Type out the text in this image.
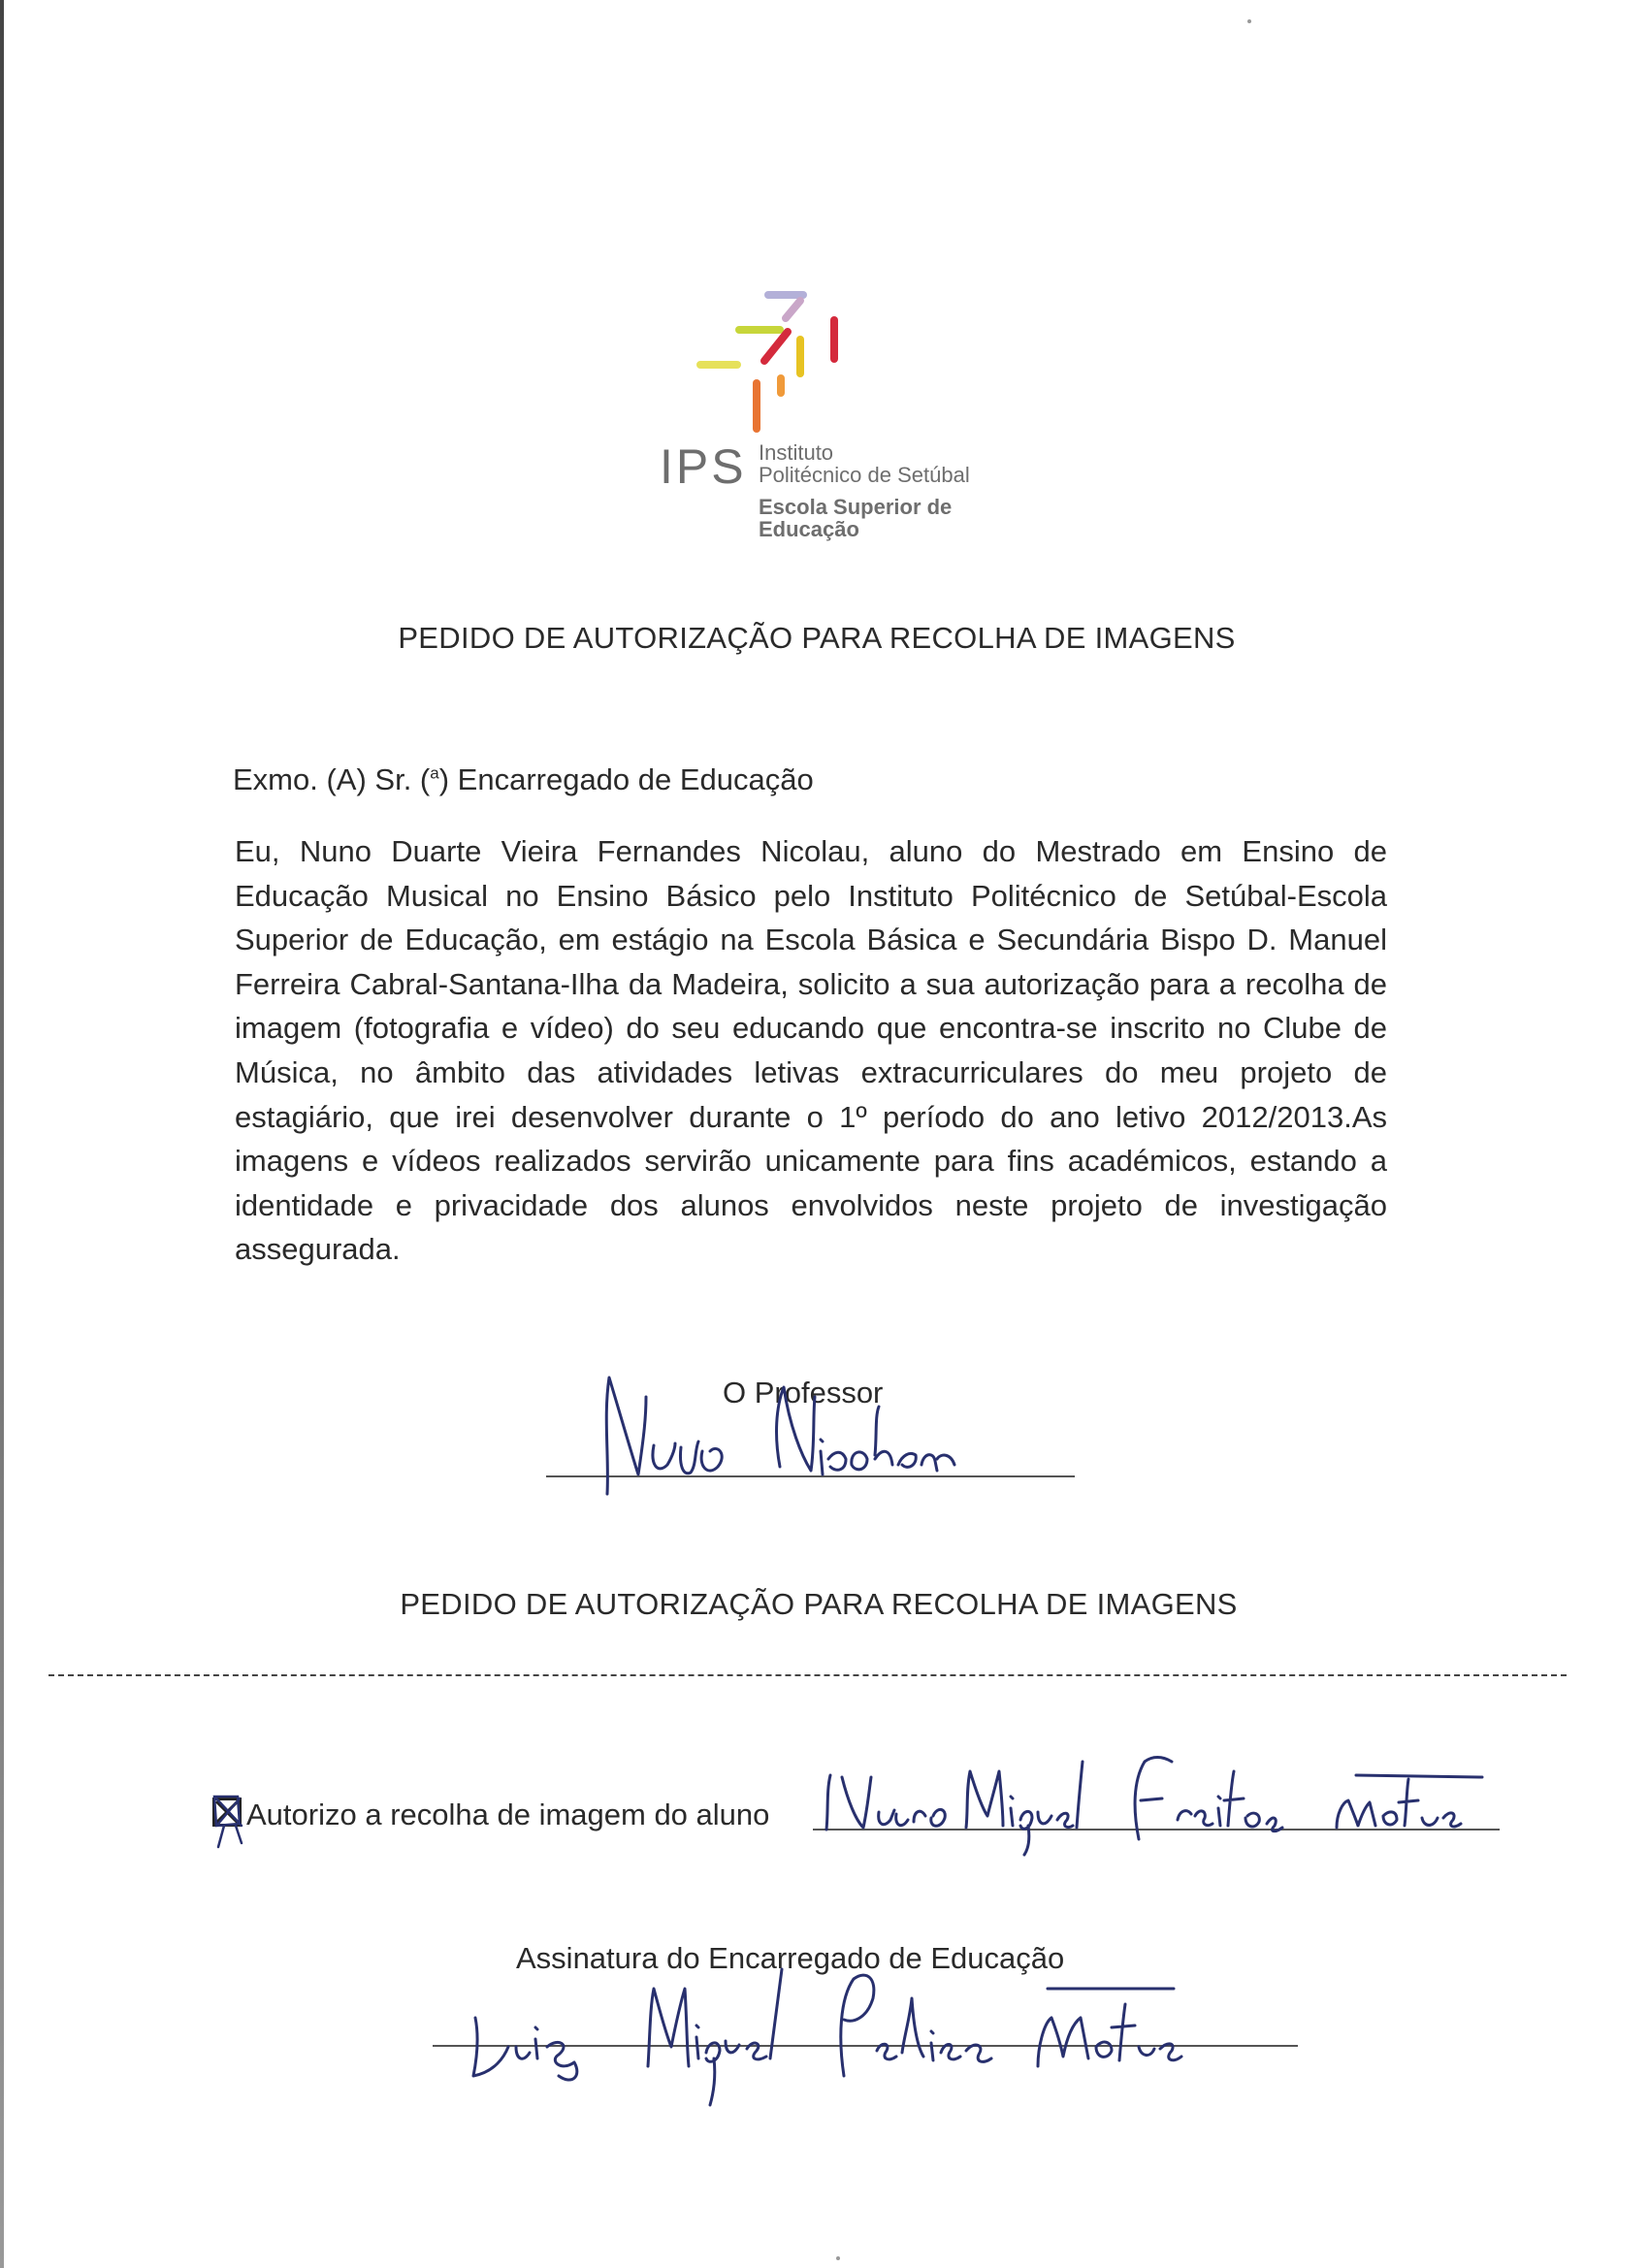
IPS Instituto
Politécnico de Setúbal
Escola Superior de
Educação
PEDIDO DE AUTORIZAÇÃO PARA RECOLHA DE IMAGENS
Exmo. (A) Sr. ($^a$) Encarregado de Educação
Eu, Nuno Duarte Vieira Fernandes Nicolau, aluno do Mestrado em Ensino de Educação Musical no Ensino Básico pelo Instituto Politécnico de Setúbal-Escola Superior de Educação, em estágio na Escola Básica e Secundária Bispo D. Manuel Ferreira Cabral-Santana-Ilha da Madeira, solicito a sua autorização para a recolha de imagem (fotografia e vídeo) do seu educando que encontra-se inscrito no Clube de Música, no âmbito das atividades letivas extracurriculares do meu projeto de estagiário, que irei desenvolver durante o 1º período do ano letivo 2012/2013.As imagens e vídeos realizados servirão unicamente para fins académicos, estando a identidade e privacidade dos alunos envolvidos neste projeto de investigação assegurada.
O Professor
PEDIDO DE AUTORIZAÇÃO PARA RECOLHA DE IMAGENS
Autorizo a recolha de imagem do aluno
Assinatura do Encarregado de Educação
